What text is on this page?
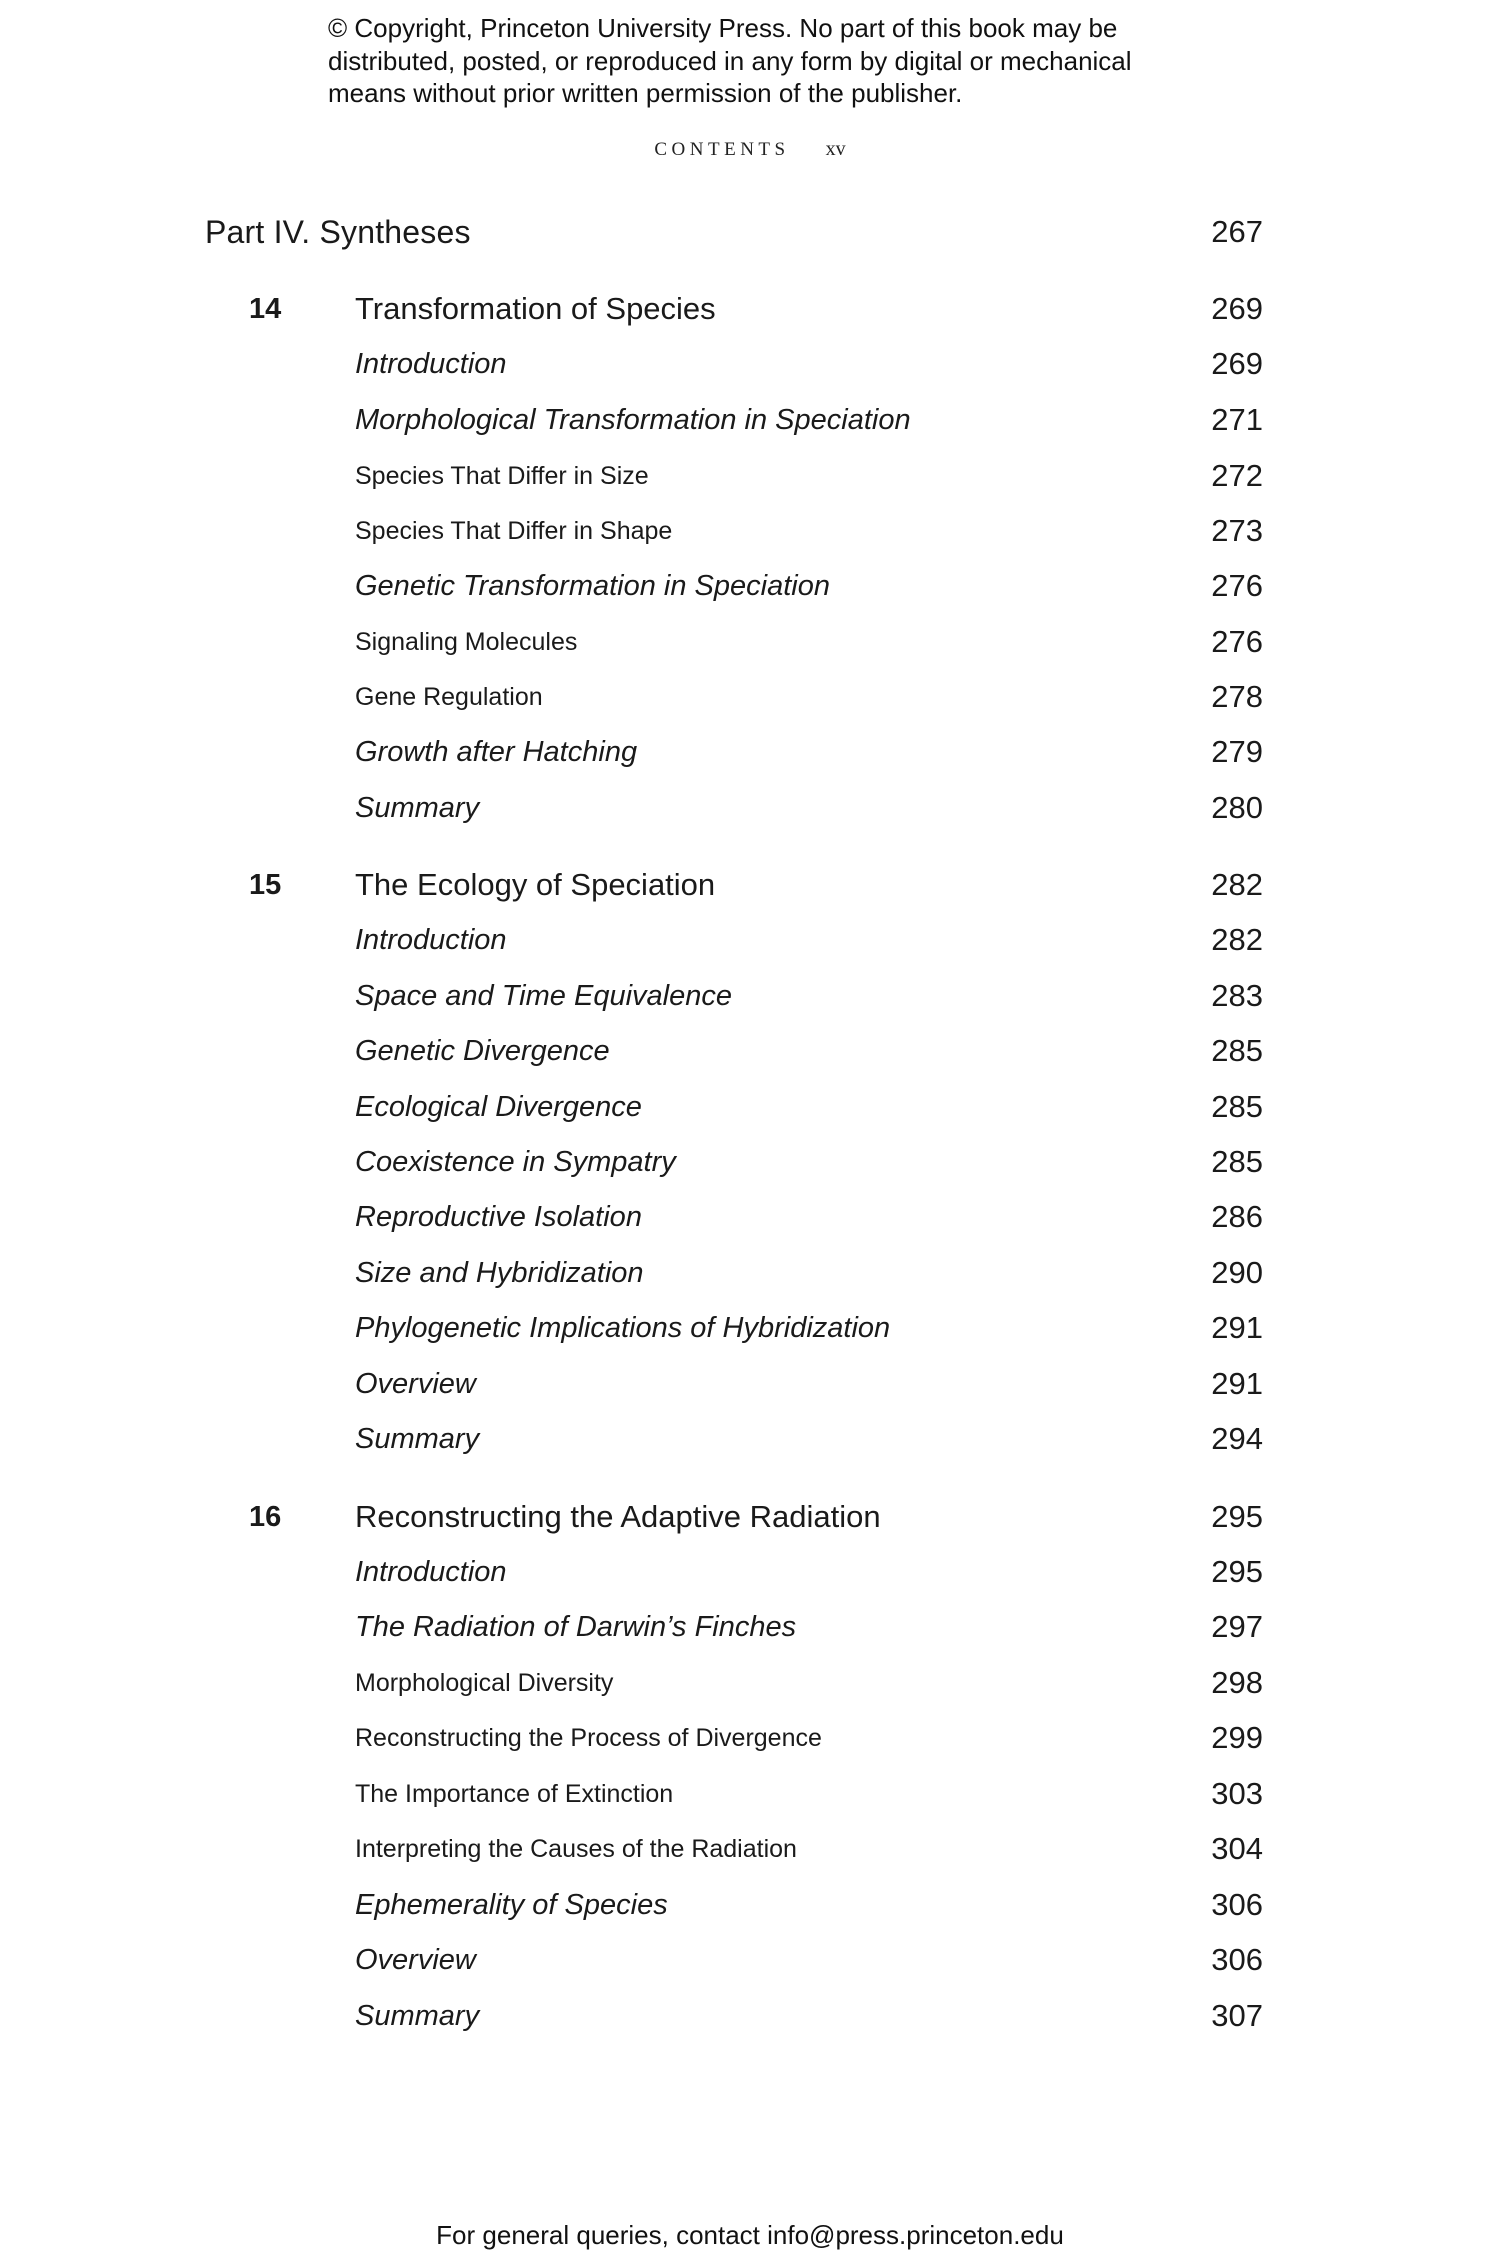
© Copyright, Princeton University Press. No part of this book may be
distributed, posted, or reproduced in any form by digital or mechanical
means without prior written permission of the publisher.
CONTENTS xv
Part IV. Syntheses	267
14 Transformation of Species	269
Introduction	269
Morphological Transformation in Speciation	271
Species That Differ in Size	272
Species That Differ in Shape	273
Genetic Transformation in Speciation	276
Signaling Molecules	276
Gene Regulation	278
Growth after Hatching	279
Summary	280
15 The Ecology of Speciation	282
Introduction	282
Space and Time Equivalence	283
Genetic Divergence	285
Ecological Divergence	285
Coexistence in Sympatry	285
Reproductive Isolation	286
Size and Hybridization	290
Phylogenetic Implications of Hybridization	291
Overview	291
Summary	294
16 Reconstructing the Adaptive Radiation	295
Introduction	295
The Radiation of Darwin’s Finches	297
Morphological Diversity	298
Reconstructing the Process of Divergence	299
The Importance of Extinction	303
Interpreting the Causes of the Radiation	304
Ephemerality of Species	306
Overview	306
Summary	307
For general queries, contact info@press.princeton.edu
